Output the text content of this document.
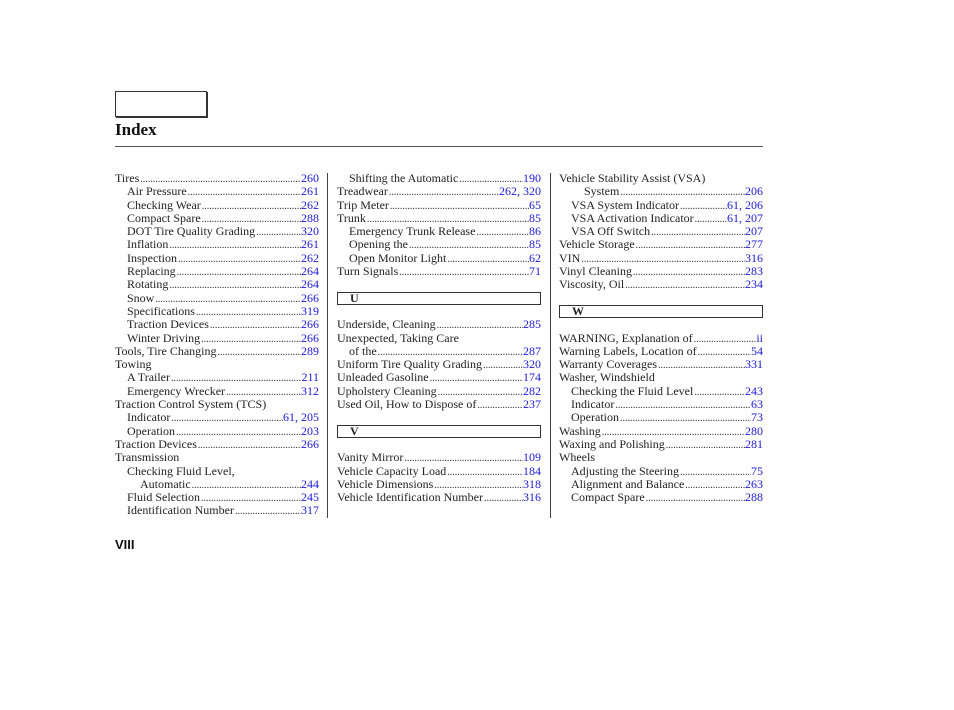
Index
Tires .....	260
Air Pressure .....	261
Checking Wear .....	262
Compact Spare .....	288
DOT Tire Quality Grading .....	320
Inflation .....	261
Inspection .....	262
Replacing .....	264
Rotating .....	264
Snow .....	266
Specifications .....	319
Traction Devices .....	266
Winter Driving .....	266
Tools, Tire Changing .....	289
Towing
A Trailer .....	211
Emergency Wrecker .....	312
Traction Control System (TCS)
Indicator .....	61, 205
Operation .....	203
Traction Devices .....	266
Transmission
Checking Fluid Level,
Automatic .....	244
Fluid Selection .....	245
Identification Number .....	317
Shifting the Automatic .....	190
Treadwear .....	262, 320
Trip Meter .....	65
Trunk .....	85
Emergency Trunk Release .....	86
Opening the .....	85
Open Monitor Light .....	62
Turn Signals .....	71
U
Underside, Cleaning .....	285
Unexpected, Taking Care
of the .....	287
Uniform Tire Quality Grading .....	320
Unleaded Gasoline .....	174
Upholstery Cleaning .....	282
Used Oil, How to Dispose of .....	237
V
Vanity Mirror .....	109
Vehicle Capacity Load .....	184
Vehicle Dimensions .....	318
Vehicle Identification Number .....	316
Vehicle Stability Assist (VSA)
System .....	206
VSA System Indicator .....	61, 206
VSA Activation Indicator .....	61, 207
VSA Off Switch .....	207
Vehicle Storage .....	277
VIN .....	316
Vinyl Cleaning .....	283
Viscosity, Oil .....	234
W
WARNING, Explanation of .....	ii
Warning Labels, Location of .....	54
Warranty Coverages .....	331
Washer, Windshield
Checking the Fluid Level .....	243
Indicator .....	63
Operation .....	73
Washing .....	280
Waxing and Polishing .....	281
Wheels
Adjusting the Steering .....	75
Alignment and Balance .....	263
Compact Spare .....	288
VIII
